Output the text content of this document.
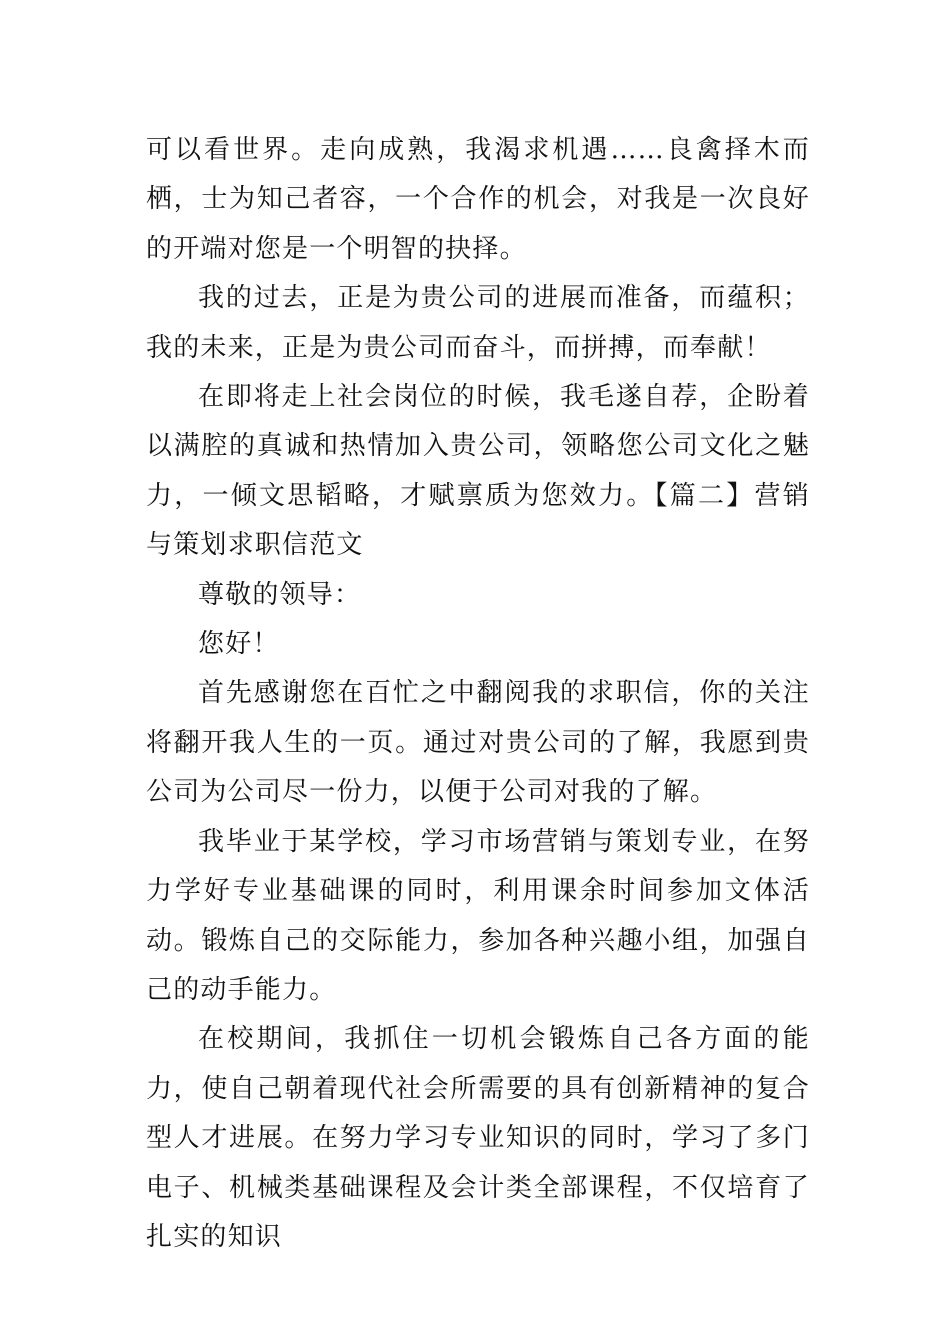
可以看世界。走向成熟，我渴求机遇……良禽择木而栖，士为知己者容，一个合作的机会，对我是一次良好的开端对您是一个明智的抉择。

我的过去，正是为贵公司的进展而准备，而蕴积；我的未来，正是为贵公司而奋斗，而拼搏，而奉献！

在即将走上社会岗位的时候，我毛遂自荐，企盼着以满腔的真诚和热情加入贵公司，领略您公司文化之魅力，一倾文思韬略，才赋禀质为您效力。【篇二】营销与策划求职信范文

尊敬的领导：

您好！

首先感谢您在百忙之中翻阅我的求职信，你的关注将翻开我人生的一页。通过对贵公司的了解，我愿到贵公司为公司尽一份力，以便于公司对我的了解。

我毕业于某学校，学习市场营销与策划专业，在努力学好专业基础课的同时，利用课余时间参加文体活动。锻炼自己的交际能力，参加各种兴趣小组，加强自己的动手能力。

在校期间，我抓住一切机会锻炼自己各方面的能力，使自己朝着现代社会所需要的具有创新精神的复合型人才进展。在努力学习专业知识的同时，学习了多门电子、机械类基础课程及会计类全部课程，不仅培育了扎实的知识
